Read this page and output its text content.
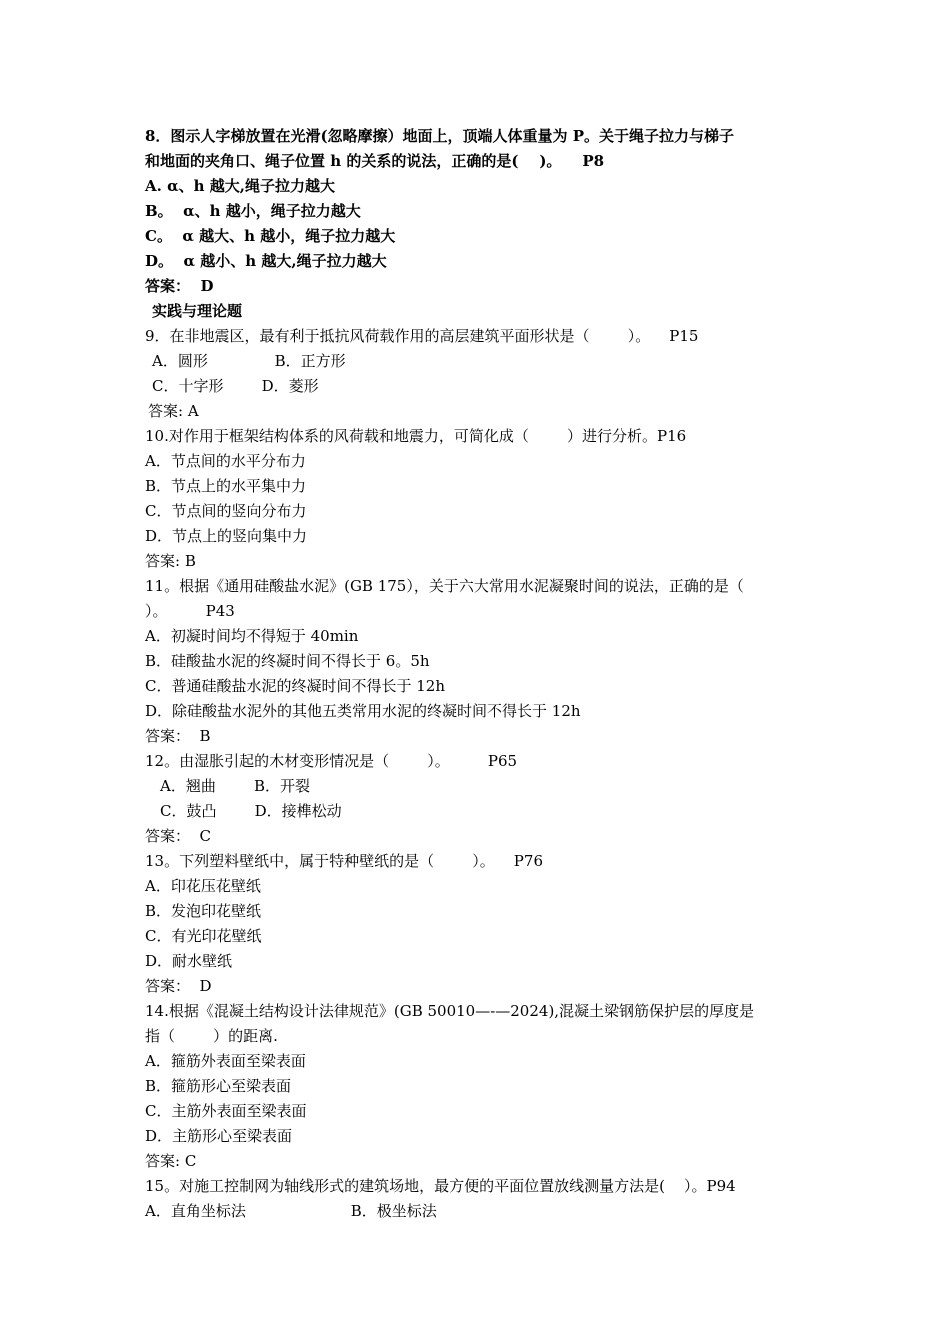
8．图示人字梯放置在光滑(忽略摩擦）地面上，顶端人体重量为 P。关于绳子拉力与梯子
和地面的夹角口、绳子位置 h 的关系的说法，正确的是(    )。    P8
A. α、h 越大,绳子拉力越大
B。  α、h 越小，绳子拉力越大
C。  α 越大、h 越小，绳子拉力越大
D。  α 越小、h 越大,绳子拉力越大
答案：  D
实践与理论题
9．在非地震区，最有利于抵抗风荷载作用的高层建筑平面形状是（        ）。    P15
A．圆形              B．正方形
C．十字形        D．菱形
答案: A
10.对作用于框架结构体系的风荷载和地震力，可简化成（        ）进行分析。P16
A．节点间的水平分布力
B．节点上的水平集中力
C．节点间的竖向分布力
D．节点上的竖向集中力
答案: B
11。根据《通用硅酸盐水泥》(GB 175），关于六大常用水泥凝聚时间的说法，正确的是（
）。        P43
A．初凝时间均不得短于 40min
B．硅酸盐水泥的终凝时间不得长于 6。5h
C．普通硅酸盐水泥的终凝时间不得长于 12h
D．除硅酸盐水泥外的其他五类常用水泥的终凝时间不得长于 12h
答案：  B
12。由湿胀引起的木材变形情况是（        ）。        P65
A．翘曲        B．开裂
C．鼓凸        D．接榫松动
答案：  C
13。下列塑料壁纸中，属于特种壁纸的是（        ）。    P76
A．印花压花壁纸
B．发泡印花壁纸
C．有光印花壁纸
D．耐水壁纸
答案：  D
14.根据《混凝土结构设计法律规范》(GB 50010—-—2024),混凝土梁钢筋保护层的厚度是
指（        ）的距离.
A．箍筋外表面至梁表面
B．箍筋形心至梁表面
C．主筋外表面至梁表面
D．主筋形心至梁表面
答案: C
15。对施工控制网为轴线形式的建筑场地，最方便的平面位置放线测量方法是(    ）。P94
A．直角坐标法                      B．极坐标法
